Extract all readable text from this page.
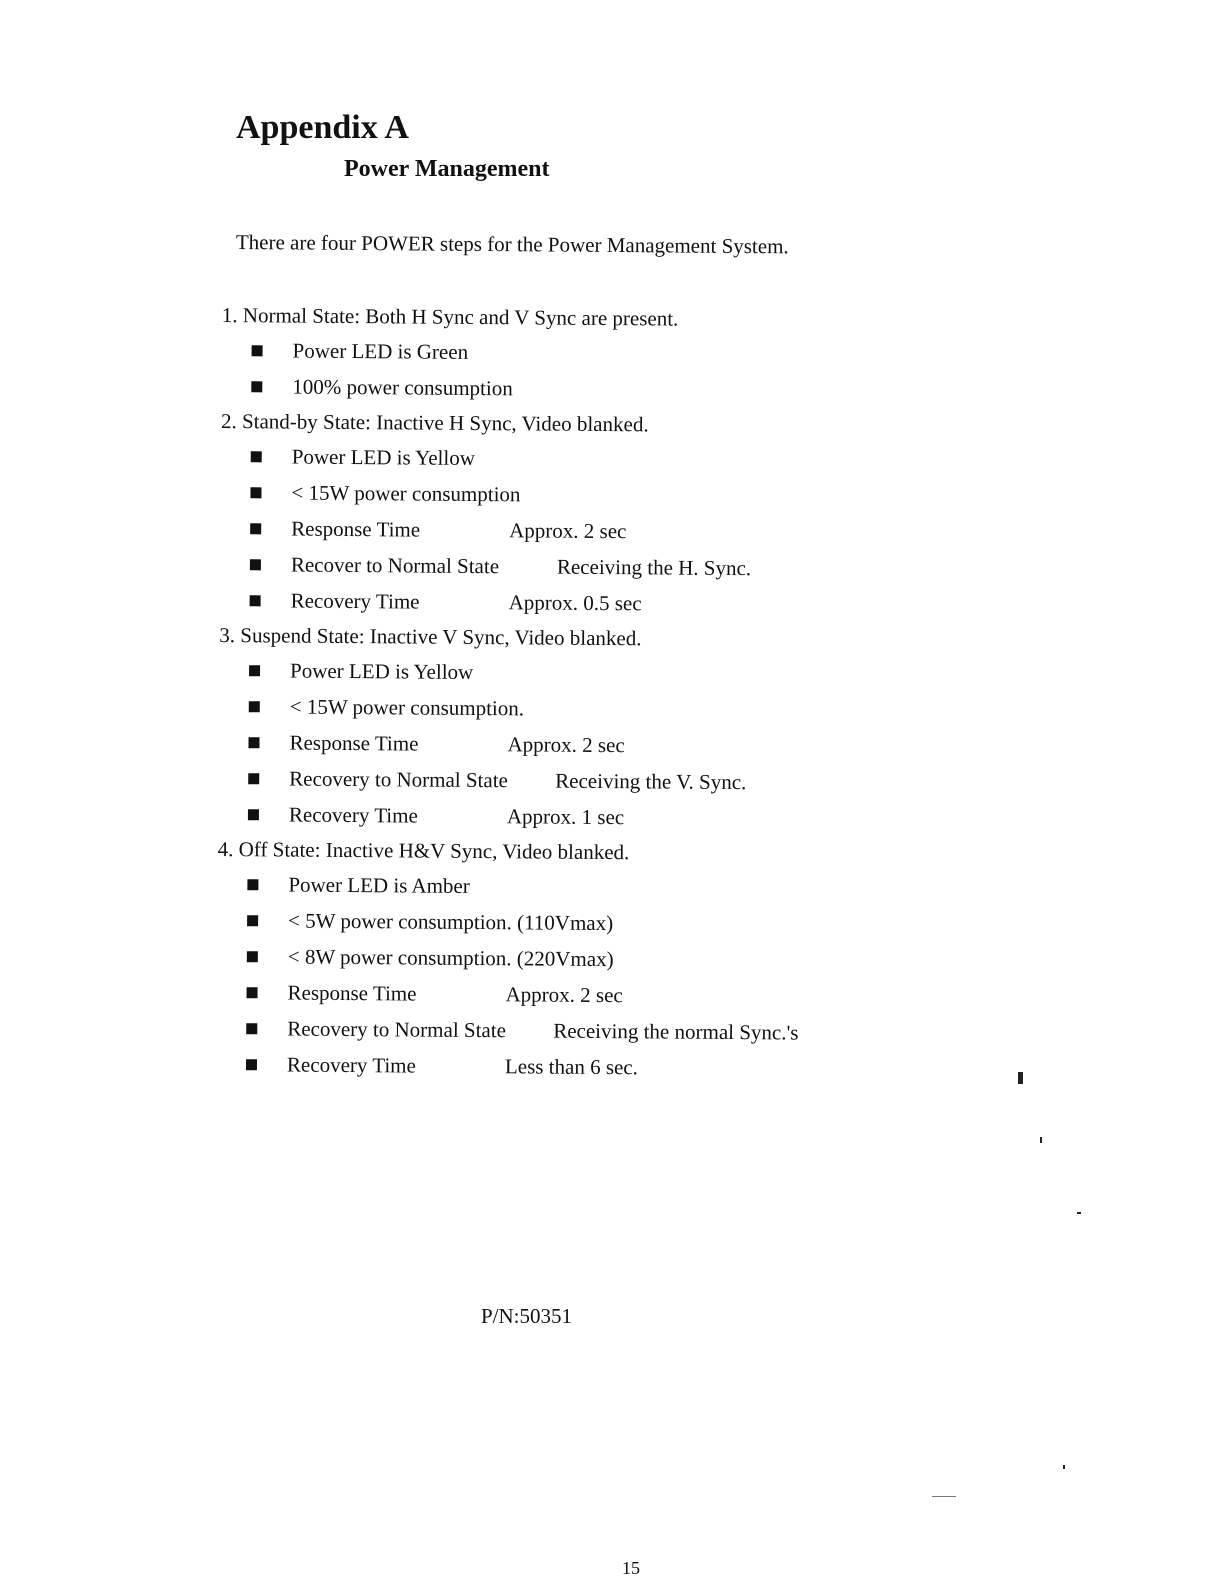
Appendix A
Power Management

There are four POWER steps for the Power Management System.

1. Normal State: Both H Sync and V Sync are present.

Power LED is Green
100% power consumption

2. Stand-by State: Inactive H Sync, Video blanked.

Power LED is Yellow
< 15W power consumption
Response Time	Approx. 2 sec
Recover to Normal State	Receiving the H. Sync.
Recovery Time	Approx. 0.5 sec

3. Suspend State: Inactive V Sync, Video blanked.

Power LED is Yellow
< 15W power consumption.
Response Time	Approx. 2 sec
Recovery to Normal State	Receiving the V. Sync.
Recovery Time	Approx. 1 sec

4. Off State: Inactive H&V Sync, Video blanked.

Power LED is Amber
< 5W power consumption. (110Vmax)
< 8W power consumption. (220Vmax)
Response Time	Approx. 2 sec
Recovery to Normal State	Receiving the normal Sync.'s
Recovery Time	Less than 6 sec.

P/N:50351

15
